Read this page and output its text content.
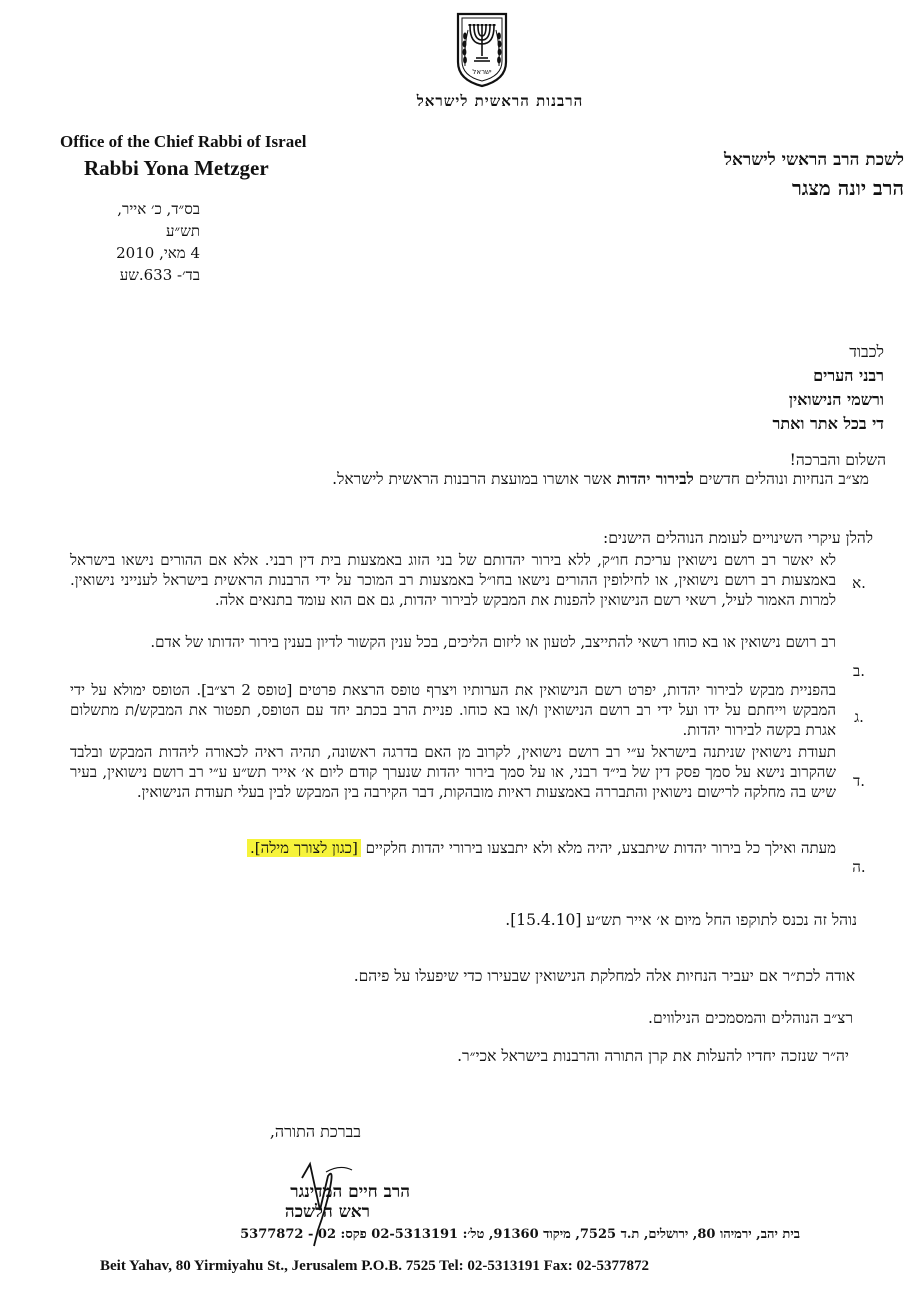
ישראל
הרבנות הראשית לישראל
Office of the Chief Rabbi of Israel
Rabbi Yona Metzger	לשכת הרב הראשי לישראל
הרב יונה מצגר
בס״ד, כ׳ אייר, תש״ע
4 מאי, 2010
בד׳- 633.שע
לכבוד
רבני הערים
ורשמי הנישואין
די בכל אתר ואתר
השלום והברכה!
מצ״ב הנחיות ונוהלים חדשים לבירור יהדות אשר אושרו במועצת הרבנות הראשית לישראל.
להלן עיקרי השינויים לעומת הנוהלים הישנים:
א.
לא יאשר רב רושם נישואין עריכת חו״ק, ללא בירור יהדותם של בני הזוג באמצעות בית דין רבני. אלא אם ההורים נישאו בישראל באמצעות רב רושם נישואין, או לחילופין ההורים נישאו בחו״ל באמצעות רב המוכר על ידי הרבנות הראשית בישראל לענייני נישואין. למרות האמור לעיל, רשאי רשם הנישואין להפנות את המבקש לבירור יהדות, גם אם הוא עומד בתנאים אלה.
ב.
רב רושם נישואין או בא כוחו רשאי להתייצב, לטעון או ליזום הליכים, בכל ענין הקשור לדיון בענין בירור יהדותו של אדם.
ג.
בהפניית מבקש לבירור יהדות, יפרט רשם הנישואין את הערותיו ויצרף טופס הרצאת פרטים [טופס 2 רצ״ב]. הטופס ימולא על ידי המבקש וייחתם על ידו ועל ידי רב רושם הנישואין ו/או בא כוחו. פניית הרב בכתב יחד עם הטופס, תפטור את המבקש/ת מתשלום אגרת בקשה לבירור יהדות.
ד.
תעודת נישואין שניתנה בישראל ע״י רב רושם נישואין, לקרוב מן האם בדרגה ראשונה, תהיה ראיה לכאורה ליהדות המבקש ובלבד שהקרוב נישא על סמך פסק דין של בי״ד רבני, או על סמך בירור יהדות שנערך קודם ליום א׳ אייר תש״ע ע״י רב רושם נישואין, בעיר שיש בה מחלקה לרישום נישואין והתבררה באמצעות ראיות מובהקות, דבר הקירבה בין המבקש לבין בעלי תעודת הנישואין.
ה.
מעתה ואילך כל בירור יהדות שיתבצע, יהיה מלא ולא יתבצעו בירורי יהדות חלקיים [כגון לצורך מילה].
נוהל זה נכנס לתוקפו החל מיום א׳ אייר תש״ע [15.4.10].
אודה לכת״ר אם יעביר הנחיות אלה למחלקת הנישואין שבעירו כדי שיפעלו על פיהם.
רצ״ב הנוהלים והמסמכים הנילווים.
יה״ר שנזכה יחדיו להעלות את קרן התורה והרבנות בישראל אכי״ר.
בברכת התורה,
הרב חיים המדינגר
ראש הלשכה
בית יהב, ירמיהו 80, ירושלים, ת.ד 7525, מיקוד 91360, טל׳: 02-5313191 פקס: 02 - 5377872
Beit Yahav, 80 Yirmiyahu St., Jerusalem P.O.B. 7525 Tel: 02-5313191 Fax: 02-5377872
